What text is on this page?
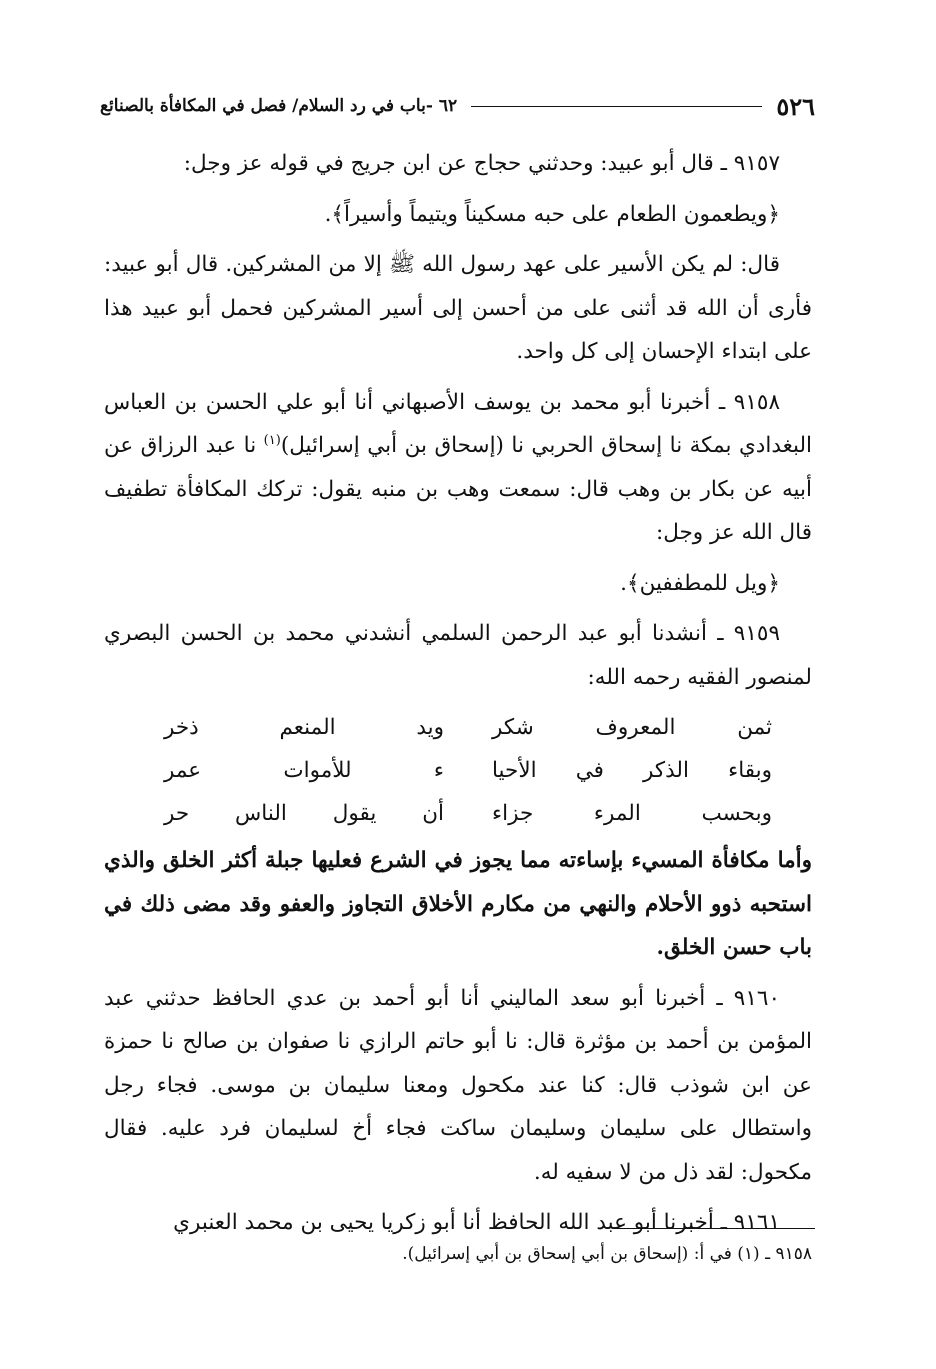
٥٢٦
٦٢ -باب في رد السلام/ فصل في المكافأة بالصنائع

٩١٥٧ ـ قال أبو عبيد: وحدثني حجاج عن ابن جريج في قوله عز وجل:

﴿ويطعمون الطعام على حبه مسكيناً ويتيماً وأسيراً﴾.

قال: لم يكن الأسير على عهد رسول الله ﷺ إلا من المشركين. قال أبو عبيد: فأرى أن الله قد أثنى على من أحسن إلى أسير المشركين فحمل أبو عبيد هذا على ابتداء الإحسان إلى كل واحد.

٩١٥٨ ـ أخبرنا أبو محمد بن يوسف الأصبهاني أنا أبو علي الحسن بن العباس البغدادي بمكة نا إسحاق الحربي نا (إسحاق بن أبي إسرائيل)$^{(١)}$ نا عبد الرزاق عن أبيه عن بكار بن وهب قال: سمعت وهب بن منبه يقول: تركك المكافأة تطفيف قال الله عز وجل:

﴿ويل للمطففين﴾.

٩١٥٩ ـ أنشدنا أبو عبد الرحمن السلمي أنشدني محمد بن الحسن البصري لمنصور الفقيه رحمه الله:

ثمن المعروف شكر
ويد المنعم ذخر
وبقاء الذكر في الأحيا
ء للأموات عمر
وبحسب المرء جزاء
أن يقول الناس حر

وأما مكافأة المسيء بإساءته مما يجوز في الشرع فعليها جبلة أكثر الخلق والذي استحبه ذوو الأحلام والنهي من مكارم الأخلاق التجاوز والعفو وقد مضى ذلك في باب حسن الخلق.

٩١٦٠ ـ أخبرنا أبو سعد الماليني أنا أبو أحمد بن عدي الحافظ حدثني عبد المؤمن بن أحمد بن مؤثرة قال: نا أبو حاتم الرازي نا صفوان بن صالح نا حمزة عن ابن شوذب قال: كنا عند مكحول ومعنا سليمان بن موسى. فجاء رجل واستطال على سليمان وسليمان ساكت فجاء أخ لسليمان فرد عليه. فقال مكحول: لقد ذل من لا سفيه له.

٩١٦١ ـ أخبرنا أبو عبد الله الحافظ أنا أبو زكريا يحيى بن محمد العنبري

٩١٥٨ ـ (١) في أ: (إسحاق بن أبي إسحاق بن أبي إسرائيل).
